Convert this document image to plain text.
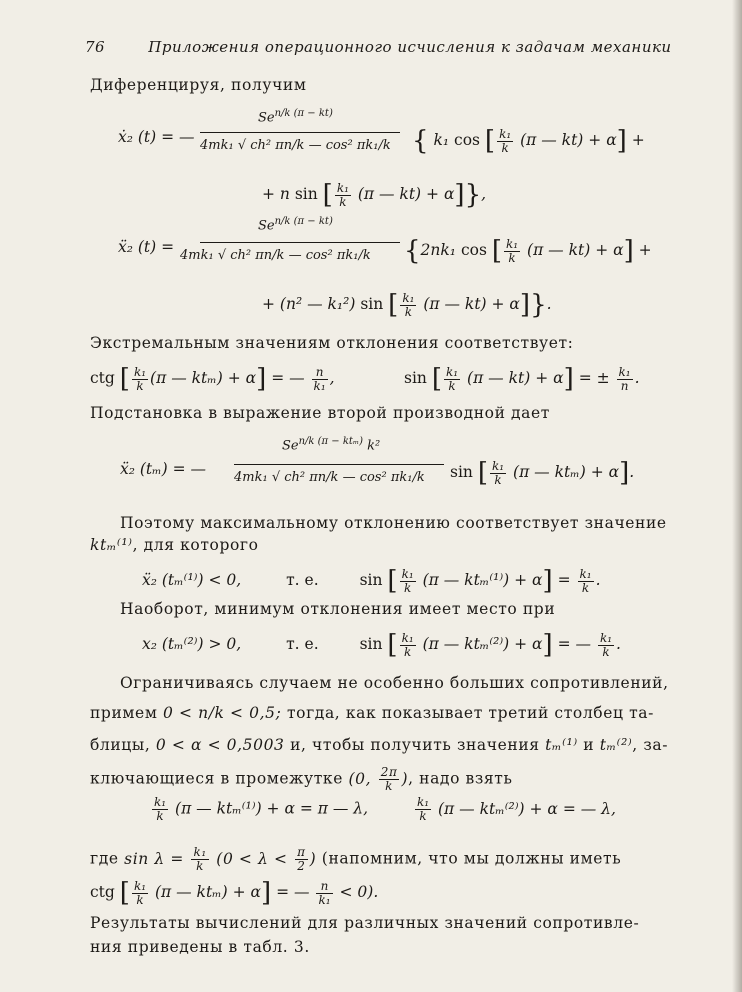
76	Приложения операционного исчисления к задачам механики
Диференцируя, получим
ẋ₂ (t) = —
$Se^{n/k (\pi - kt)}$
4mk₁ √ ch² πn/k — cos² πk₁/k { k₁ cos [ $\frac{\text{k₁}}{k} (\pi$ — kt) + α] +
+ n sin [ $\frac{\text{k₁}}{k} (\pi$ — kt) + α]},
ẍ₂ (t) =
$Se^{n/k (\pi - kt)}$
4mk₁ √ ch² πn/k — cos² πk₁/k {2nk₁ cos [ $\frac{\text{k₁}}{k} (\pi$ — kt) + α] +
+ (n² — k₁²) sin [ $\frac{\text{k₁}}{k} (\pi$ — kt) + α]}.
Экстремальным значениям отклонения соответствует:
ctg [ $\frac{\text{k₁}}{k} (\pi$ — ktₘ) + α] = — $\frac{n}{\text{k₁}}$ ,	sin [ $\frac{\text{k₁}}{k} (\pi$ — kt) + α] = ± $\frac{\text{k₁}}{n}$ .
Подстановка в выражение второй производной дает
ẍ₂ (tₘ) = —
$Se^{n/k (\pi - kt_m)}$ k²
4mk₁ √ ch² πn/k — cos² πk₁/k sin [ $\frac{\text{k₁}}{k} (\pi$ — ktₘ) + α].
Поэтому максимальному отклонению соответствует значение
ktₘ⁽¹⁾, для которого
ẍ₂ (tₘ⁽¹⁾) < 0,	т. е.	sin [ $\frac{\text{k₁}}{k} (\pi$ — $kt_m^{(1)}) + \alpha] = \frac{\text{k₁}}{k}$ .
Наоборот, минимум отклонения имеет место при
x₂ (tₘ⁽²⁾) > 0,	т. е.	sin [ $\frac{\text{k₁}}{k} (\pi$ — ktₘ⁽²⁾) + α] = — $\frac{\text{k₁}}{k}$ .
Ограничиваясь случаем не особенно больших сопротивлений,
примем 0 < n/k < 0,5; тогда, как показывает третий столбец та-
блицы, 0 < α < 0,5003 и, чтобы получить значения tₘ⁽¹⁾ и tₘ⁽²⁾, за-
ключающиеся в промежутке (0, $\frac{2\pi}{k}$ ), надо взять
$\frac{\text{k₁}}{k} (\pi$ — ktₘ⁽¹⁾) + α = π — λ,	$\frac{\text{k₁}}{k} (\pi$ — ktₘ⁽²⁾) + α = — λ,
где $\sin \lambda = \frac{\text{k₁}}{k} (0 < \lambda < \frac{\pi}{2}$ ) (напомним, что мы должны иметь
ctg [ $\frac{\text{k₁}}{k} (\pi$ — ktₘ) + α] = — $\frac{n}{\text{k₁}} < 0$).
Результаты вычислений для различных значений сопротивле-
ния приведены в табл. 3.
